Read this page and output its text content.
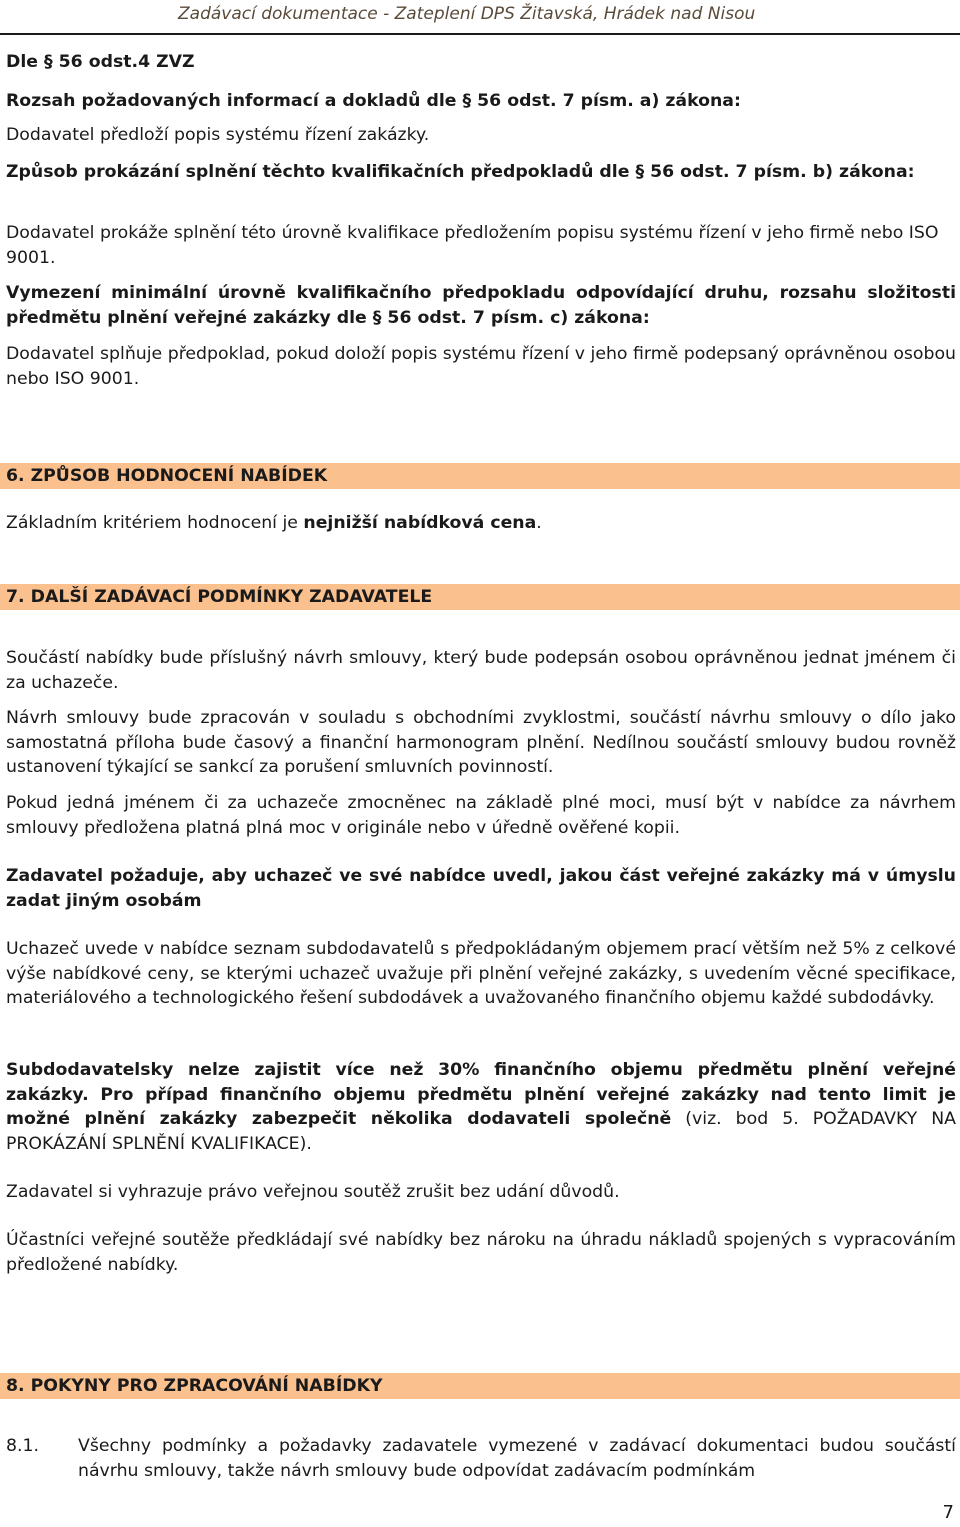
Zadávací dokumentace - Zateplení DPS Žitavská, Hrádek nad Nisou

Dle § 56 odst.4 ZVZ

Rozsah požadovaných informací a dokladů dle § 56 odst. 7 písm. a) zákona:

Dodavatel předloží popis systému řízení zakázky.

Způsob prokázání splnění těchto kvalifikačních předpokladů dle § 56 odst. 7 písm. b) zákona:

Dodavatel prokáže splnění této úrovně kvalifikace předložením popisu systému řízení v jeho firmě nebo ISO 9001.

Vymezení minimální úrovně kvalifikačního předpokladu odpovídající druhu, rozsahu složitosti předmětu plnění veřejné zakázky dle § 56 odst. 7 písm. c) zákona:

Dodavatel splňuje předpoklad, pokud doloží popis systému řízení v jeho firmě podepsaný oprávněnou osobou nebo ISO 9001.

6. ZPŮSOB HODNOCENÍ NABÍDEK

Základním kritériem hodnocení je nejnižší nabídková cena.

7. DALŠÍ ZADÁVACÍ PODMÍNKY ZADAVATELE

Součástí nabídky bude příslušný návrh smlouvy, který bude podepsán osobou oprávněnou jednat jménem či za uchazeče.

Návrh smlouvy bude zpracován v souladu s obchodními zvyklostmi, součástí návrhu smlouvy o dílo jako samostatná příloha bude časový a finanční harmonogram plnění. Nedílnou součástí smlouvy budou rovněž ustanovení týkající se sankcí za porušení smluvních povinností.

Pokud jedná jménem či za uchazeče zmocněnec na základě plné moci, musí být v nabídce za návrhem smlouvy předložena platná plná moc v originále nebo v úředně ověřené kopii.

Zadavatel požaduje, aby uchazeč ve své nabídce uvedl, jakou část veřejné zakázky má v úmyslu zadat jiným osobám

Uchazeč uvede v nabídce seznam subdodavatelů s předpokládaným objemem prací větším než 5% z celkové výše nabídkové ceny, se kterými uchazeč uvažuje při plnění veřejné zakázky, s uvedením věcné specifikace, materiálového a technologického řešení subdodávek a uvažovaného finančního objemu každé subdodávky.

Subdodavatelsky nelze zajistit více než 30% finančního objemu předmětu plnění veřejné zakázky. Pro případ finančního objemu předmětu plnění veřejné zakázky nad tento limit je možné plnění zakázky zabezpečit několika dodavateli společně (viz. bod 5. POŽADAVKY NA PROKÁZÁNÍ SPLNĚNÍ KVALIFIKACE).

Zadavatel si vyhrazuje právo veřejnou soutěž zrušit bez udání důvodů.

Účastníci veřejné soutěže předkládají své nabídky bez nároku na úhradu nákladů spojených s vypracováním předložené nabídky.

8. POKYNY PRO ZPRACOVÁNÍ NABÍDKY
8.1. Všechny podmínky a požadavky zadavatele vymezené v zadávací dokumentaci budou součástí návrhu smlouvy, takže návrh smlouvy bude odpovídat zadávacím podmínkám
7
